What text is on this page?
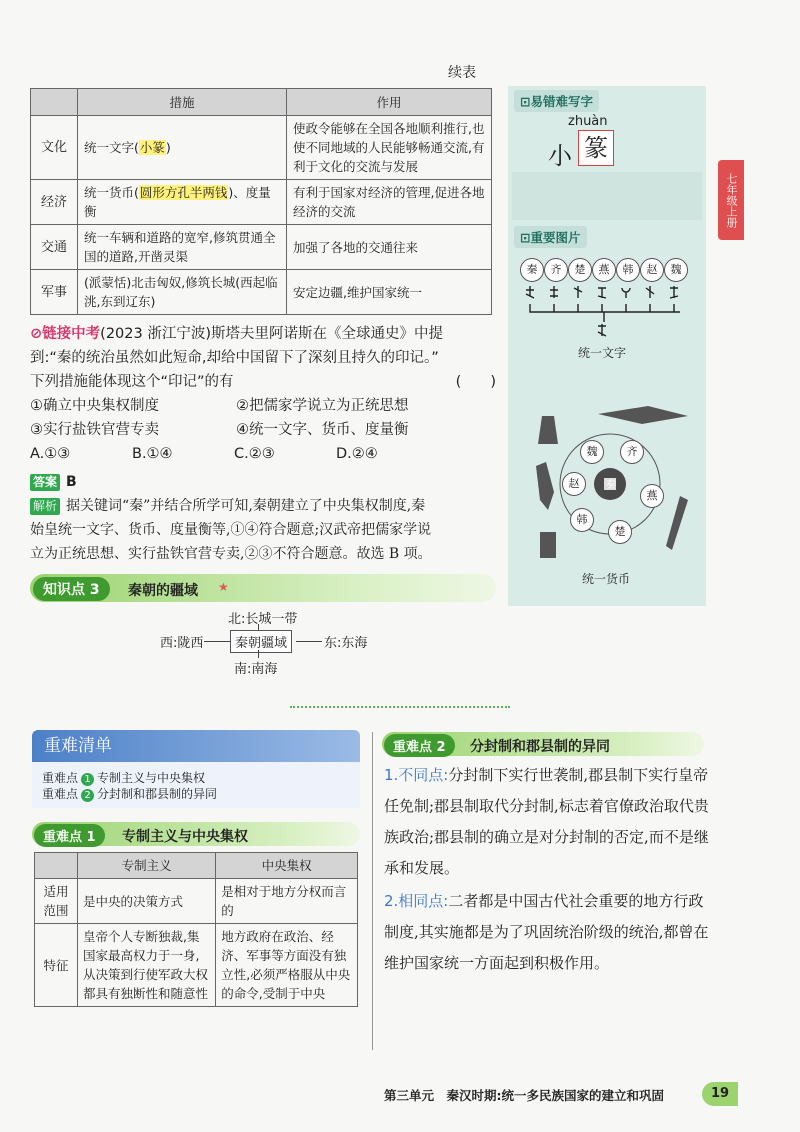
续表
	措施	作用
文化	统一文字(小篆)	使政令能够在全国各地顺利推行,也使不同地域的人民能够畅通交流,有利于文化的交流与发展
经济	统一货币(圆形方孔半两钱)、度量衡	有利于国家对经济的管理,促进各地经济的交流
交通	统一车辆和道路的宽窄,修筑贯通全国的道路,开凿灵渠	加强了各地的交通往来
军事	(派蒙恬)北击匈奴,修筑长城(西起临洮,东到辽东)	安定边疆,维护国家统一
⊘链接中考(2023 浙江宁波)斯塔夫里阿诺斯在《全球通史》中提
到:“秦的统治虽然如此短命,却给中国留下了深刻且持久的印记。”
下列措施能体现这个“印记”的有	(　　)
①确立中央集权制度	②把儒家学说立为正统思想
③实行盐铁官营专卖	④统一文字、货币、度量衡
A.①③	B.①④	C.②③	D.②④
答案 B
解析 据关键词“秦”并结合所学可知,秦朝建立了中央集权制度,秦
始皇统一文字、货币、度量衡等,①④符合题意;汉武帝把儒家学说
立为正统思想、实行盐铁官营专卖,②③不符合题意。故选 B 项。
知识点 3	秦朝的疆域 ★
北:长城一带
西:陇西	秦朝疆域	东:东海
南:南海
⊡易错难写字
zhuàn
小 篆
⊡重要图片
秦	齐	楚	燕	韩	赵	魏
统一文字
魏	齐
赵
燕
韩
楚
秦
统一货币
七年级上册
重难清单
重难点 1 专制主义与中央集权
重难点 2 分封制和郡县制的异同
重难点 1	专制主义与中央集权
	专制主义	中央集权
适用范围	是中央的决策方式	是相对于地方分权而言的
特征	皇帝个人专断独裁,集国家最高权力于一身,从决策到行使军政大权都具有独断性和随意性	地方政府在政治、经济、军事等方面没有独立性,必须严格服从中央的命令,受制于中央
重难点 2	分封制和郡县制的异同
1.不同点:分封制下实行世袭制,郡县制下实行皇帝任免制;郡县制取代分封制,标志着官僚政治取代贵族政治;郡县制的确立是对分封制的否定,而不是继承和发展。
2.相同点:二者都是中国古代社会重要的地方行政制度,其实施都是为了巩固统治阶级的统治,都曾在维护国家统一方面起到积极作用。
第三单元　秦汉时期:统一多民族国家的建立和巩固	19
